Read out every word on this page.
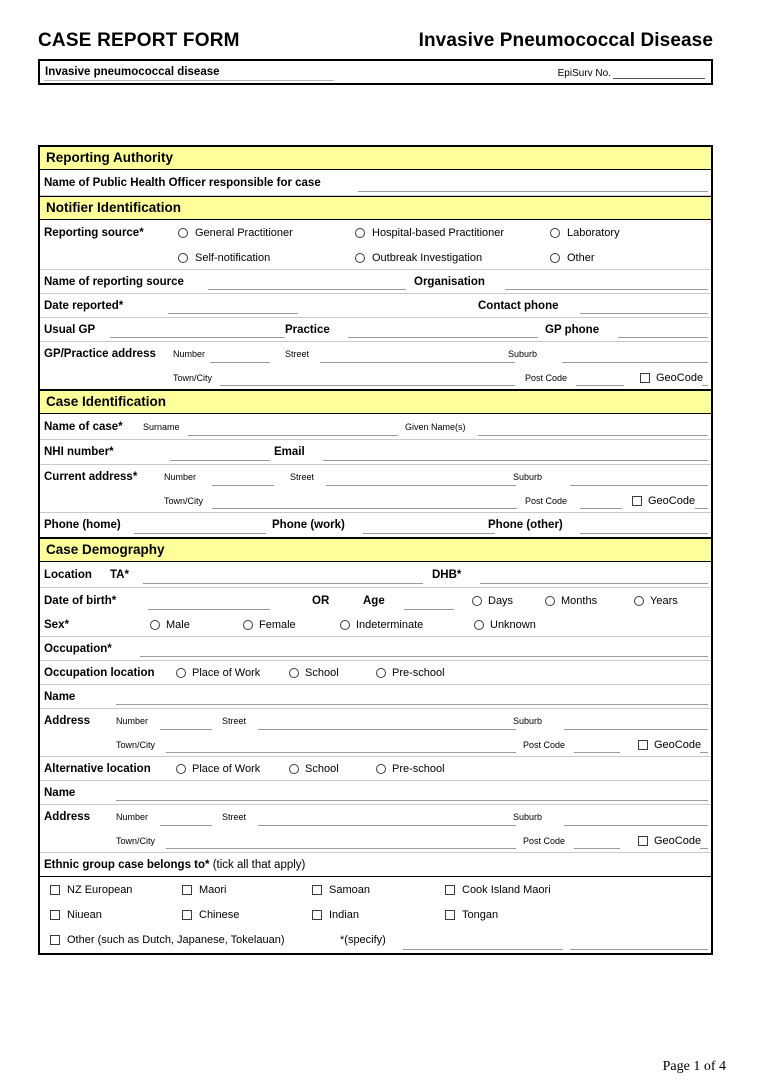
CASE REPORT FORM	Invasive Pneumococcal Disease
Invasive pneumococcal disease	EpiSurv No.
Reporting Authority
Name of Public Health Officer responsible for case
Notifier Identification
Reporting source*	General Practitioner	Hospital-based Practitioner	Laboratory
Self-notification	Outbreak Investigation	Other
Name of reporting source	Organisation
Date reported*	Contact phone
Usual GP	Practice	GP phone
GP/Practice address Number	Street	Suburb
Town/City	Post Code	GeoCode
Case Identification
Name of case* Surname	Given Name(s)
NHI number*	Email
Current address*	Number	Street	Suburb
Town/City	Post Code	GeoCode
Phone (home)	Phone (work)	Phone (other)
Case Demography
Location TA*	DHB*
Date of birth*	OR	Age	Days	Months	Years
Sex*	Male	Female	Indeterminate	Unknown
Occupation*
Occupation location	Place of Work	School	Pre-school
Name
Address	Number	Street	Suburb
Town/City	Post Code	GeoCode
Alternative location	Place of Work	School	Pre-school
Name
Address	Number	Street	Suburb
Town/City	Post Code	GeoCode
Ethnic group case belongs to* (tick all that apply)
NZ European	Maori	Samoan	Cook Island Maori
Niuean	Chinese	Indian	Tongan
Other (such as Dutch, Japanese, Tokelauan)	*(specify)
Page 1 of 4
